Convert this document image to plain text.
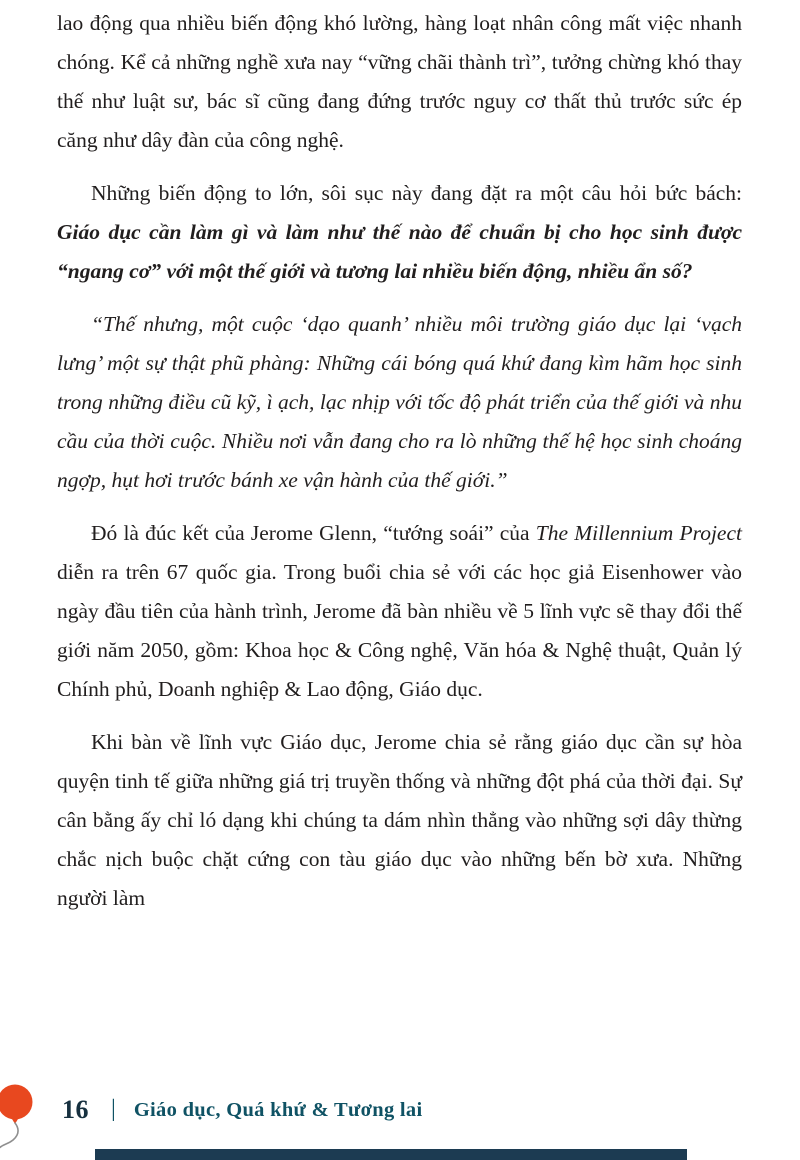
lao động qua nhiều biến động khó lường, hàng loạt nhân công mất việc nhanh chóng. Kể cả những nghề xưa nay “vững chãi thành trì”, tưởng chừng khó thay thế như luật sư, bác sĩ cũng đang đứng trước nguy cơ thất thủ trước sức ép căng như dây đàn của công nghệ.

Những biến động to lớn, sôi sục này đang đặt ra một câu hỏi bức bách: Giáo dục cần làm gì và làm như thế nào để chuẩn bị cho học sinh được “ngang cơ” với một thế giới và tương lai nhiều biến động, nhiều ẩn số?

“Thế nhưng, một cuộc ‘dạo quanh’ nhiều môi trường giáo dục lại ‘vạch lưng’ một sự thật phũ phàng: Những cái bóng quá khứ đang kìm hãm học sinh trong những điều cũ kỹ, ì ạch, lạc nhịp với tốc độ phát triển của thế giới và nhu cầu của thời cuộc. Nhiều nơi vẫn đang cho ra lò những thế hệ học sinh choáng ngợp, hụt hơi trước bánh xe vận hành của thế giới.”

Đó là đúc kết của Jerome Glenn, “tướng soái” của The Millennium Project diễn ra trên 67 quốc gia. Trong buổi chia sẻ với các học giả Eisenhower vào ngày đầu tiên của hành trình, Jerome đã bàn nhiều về 5 lĩnh vực sẽ thay đổi thế giới năm 2050, gồm: Khoa học & Công nghệ, Văn hóa & Nghệ thuật, Quản lý Chính phủ, Doanh nghiệp & Lao động, Giáo dục.

Khi bàn về lĩnh vực Giáo dục, Jerome chia sẻ rằng giáo dục cần sự hòa quyện tinh tế giữa những giá trị truyền thống và những đột phá của thời đại. Sự cân bằng ấy chỉ ló dạng khi chúng ta dám nhìn thẳng vào những sợi dây thừng chắc nịch buộc chặt cứng con tàu giáo dục vào những bến bờ xưa. Những người làm

16 | Giáo dục, Quá khứ & Tương lai
